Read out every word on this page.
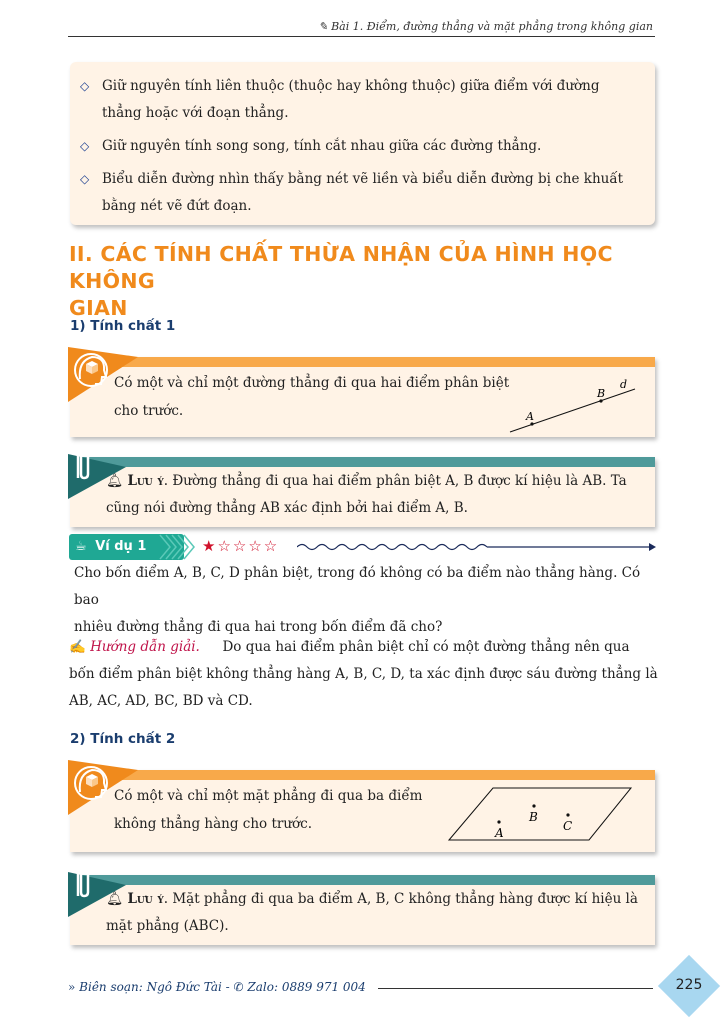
✎ Bài 1. Điểm, đường thẳng và mặt phẳng trong không gian
◇ Giữ nguyên tính liên thuộc (thuộc hay không thuộc) giữa điểm với đường
thẳng hoặc với đoạn thẳng.
◇ Giữ nguyên tính song song, tính cắt nhau giữa các đường thẳng.
◇ Biểu diễn đường nhìn thấy bằng nét vẽ liền và biểu diễn đường bị che khuất
bằng nét vẽ đứt đoạn.
II. CÁC TÍNH CHẤT THỪA NHẬN CỦA HÌNH HỌC KHÔNG
GIAN
1) Tính chất 1
Có một và chỉ một đường thẳng đi qua hai điểm phân biệt
cho trước.	A
B
d
🔔︎ Lưu ý. Đường thẳng đi qua hai điểm phân biệt A, B được kí hiệu là AB. Ta
cũng nói đường thẳng AB xác định bởi hai điểm A, B.
☕ Ví dụ 1	★☆☆☆☆
Cho bốn điểm A, B, C, D phân biệt, trong đó không có ba điểm nào thẳng hàng. Có bao
nhiêu đường thẳng đi qua hai trong bốn điểm đã cho?
✍ Hướng dẫn giải. Do qua hai điểm phân biệt chỉ có một đường thẳng nên qua
bốn điểm phân biệt không thẳng hàng A, B, C, D, ta xác định được sáu đường thẳng là
AB, AC, AD, BC, BD và CD.
2) Tính chất 2
Có một và chỉ một mặt phẳng đi qua ba điểm
không thẳng hàng cho trước.	B
A	C
🔔︎ Lưu ý. Mặt phẳng đi qua ba điểm A, B, C không thẳng hàng được kí hiệu là
mặt phẳng (ABC).
» Biên soạn: Ngô Đức Tài - ✆ Zalo: 0889 971 004	225
